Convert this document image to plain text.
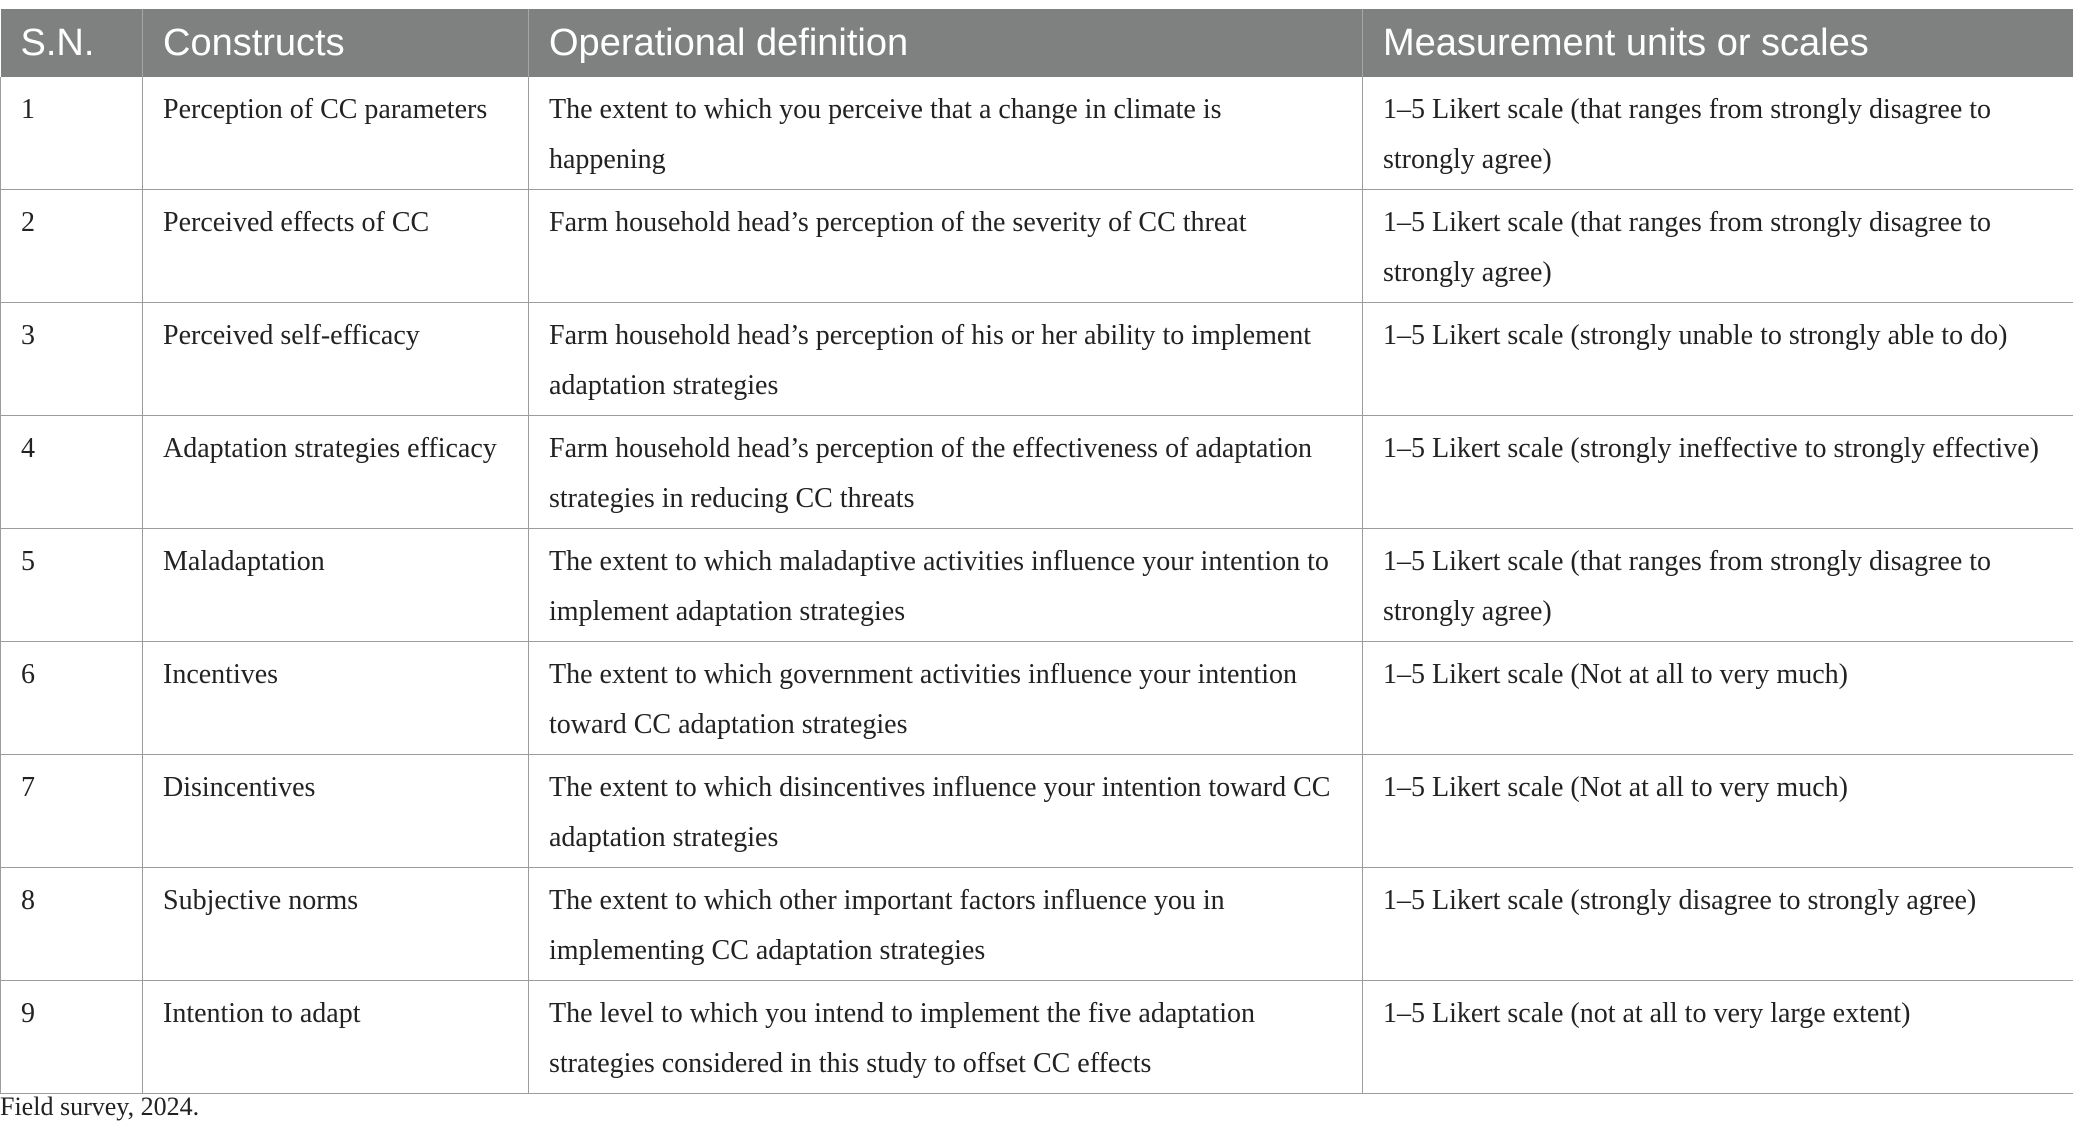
S.N.	Constructs	Operational definition	Measurement units or scales
1	Perception of CC parameters	The extent to which you perceive that a change in climate is happening	1–5 Likert scale (that ranges from strongly disagree to strongly agree)
2	Perceived effects of CC	Farm household head’s perception of the severity of CC threat	1–5 Likert scale (that ranges from strongly disagree to strongly agree)
3	Perceived self-efficacy	Farm household head’s perception of his or her ability to implement adaptation strategies	1–5 Likert scale (strongly unable to strongly able to do)
4	Adaptation strategies efficacy	Farm household head’s perception of the effectiveness of adaptation strategies in reducing CC threats	1–5 Likert scale (strongly ineffective to strongly effective)
5	Maladaptation	The extent to which maladaptive activities influence your intention to implement adaptation strategies	1–5 Likert scale (that ranges from strongly disagree to strongly agree)
6	Incentives	The extent to which government activities influence your intention toward CC adaptation strategies	1–5 Likert scale (Not at all to very much)
7	Disincentives	The extent to which disincentives influence your intention toward CC adaptation strategies	1–5 Likert scale (Not at all to very much)
8	Subjective norms	The extent to which other important factors influence you in implementing CC adaptation strategies	1–5 Likert scale (strongly disagree to strongly agree)
9	Intention to adapt	The level to which you intend to implement the five adaptation strategies considered in this study to offset CC effects	1–5 Likert scale (not at all to very large extent)
Field survey, 2024.
